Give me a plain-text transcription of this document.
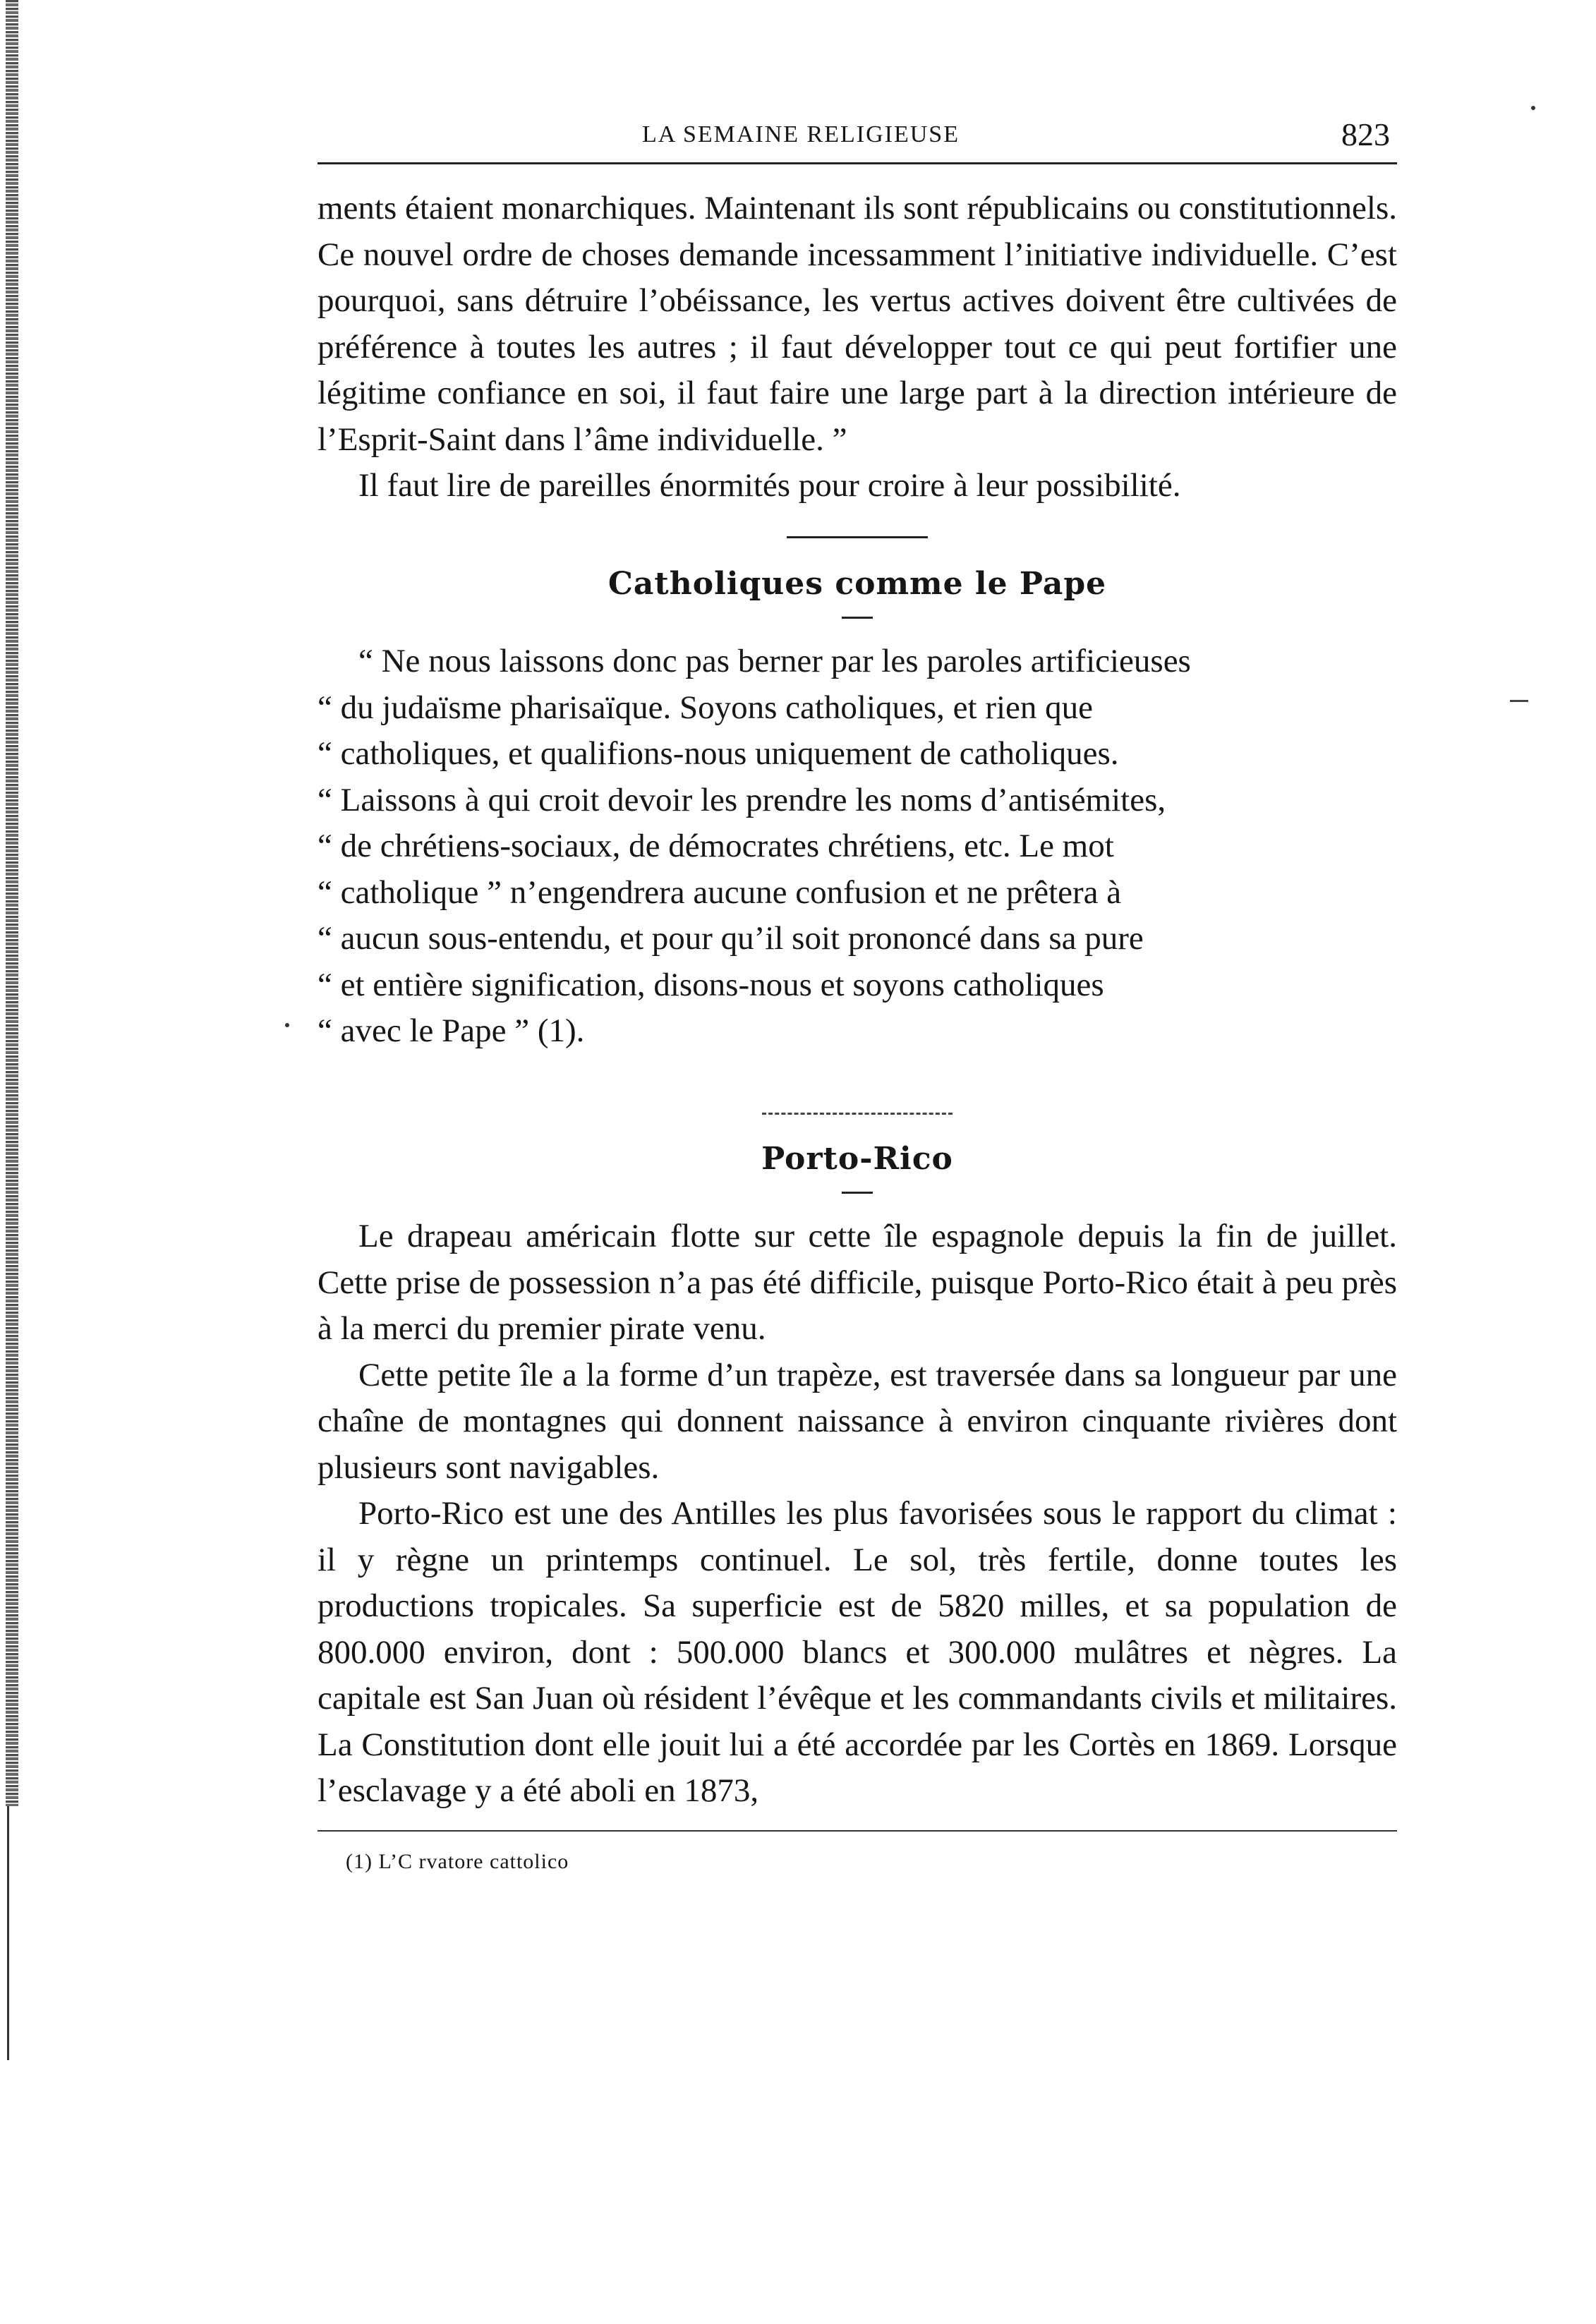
LA SEMAINE RELIGIEUSE	823

ments étaient monarchiques. Maintenant ils sont républicains ou constitutionnels. Ce nouvel ordre de choses demande incessamment l’initiative individuelle. C’est pourquoi, sans détruire l’obéissance, les vertus actives doivent être cultivées de préférence à toutes les autres ; il faut développer tout ce qui peut fortifier une légitime confiance en soi, il faut faire une large part à la direction intérieure de l’Esprit-Saint dans l’âme individuelle. ”

Il faut lire de pareilles énormités pour croire à leur possibilité.

Catholiques comme le Pape

“ Ne nous laissons donc pas berner par les paroles artificieuses

“ du judaïsme pharisaïque. Soyons catholiques, et rien que

“ catholiques, et qualifions-nous uniquement de catholiques.

“ Laissons à qui croit devoir les prendre les noms d’antisémites,

“ de chrétiens-sociaux, de démocrates chrétiens, etc. Le mot

“ catholique ” n’engendrera aucune confusion et ne prêtera à

“ aucun sous-entendu, et pour qu’il soit prononcé dans sa pure

“ et entière signification, disons-nous et soyons catholiques

“ avec le Pape ” (1).

Porto-Rico

Le drapeau américain flotte sur cette île espagnole depuis la fin de juillet. Cette prise de possession n’a pas été difficile, puisque Porto-Rico était à peu près à la merci du premier pirate venu.

Cette petite île a la forme d’un trapèze, est traversée dans sa longueur par une chaîne de montagnes qui donnent naissance à environ cinquante rivières dont plusieurs sont navigables.

Porto-Rico est une des Antilles les plus favorisées sous le rapport du climat : il y règne un printemps continuel. Le sol, très fertile, donne toutes les productions tropicales. Sa superficie est de 5820 milles, et sa population de 800.000 environ, dont : 500.000 blancs et 300.000 mulâtres et nègres. La capitale est San Juan où résident l’évêque et les commandants civils et militaires. La Constitution dont elle jouit lui a été accordée par les Cortès en 1869. Lorsque l’esclavage y a été aboli en 1873,

(1) L’C rvatore cattolico
